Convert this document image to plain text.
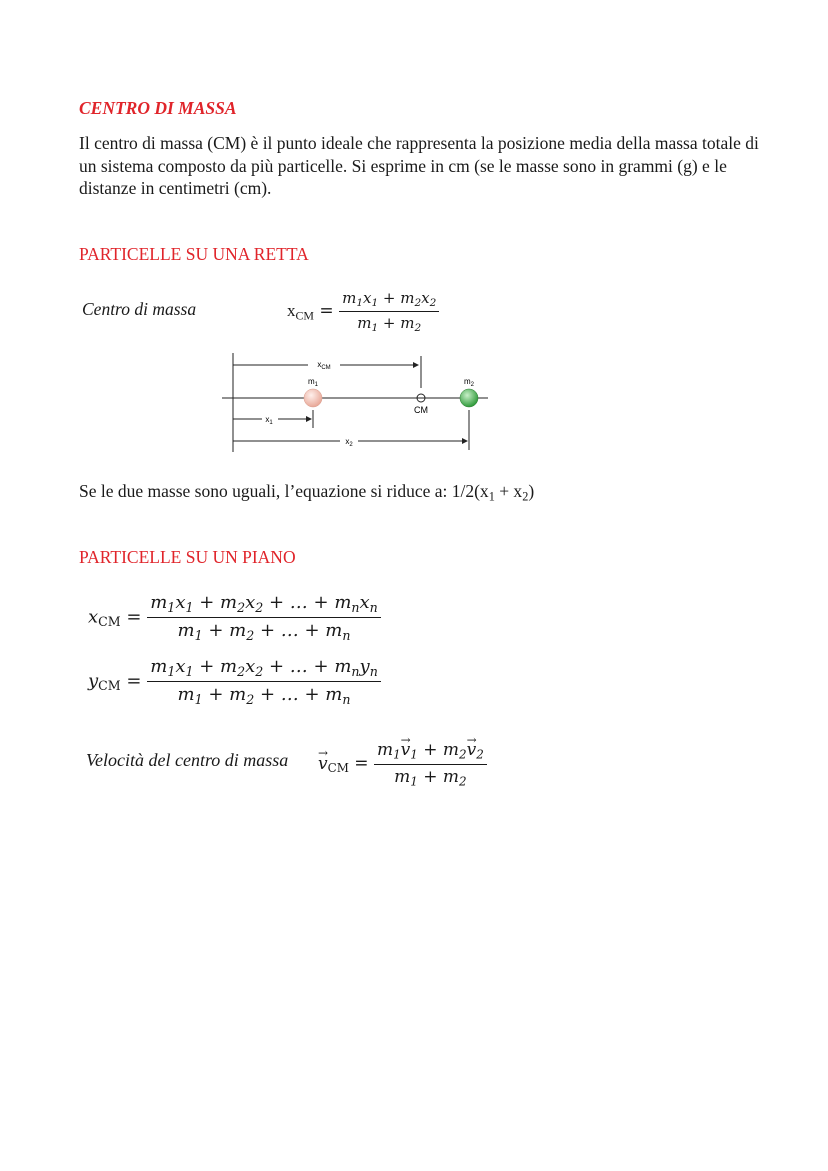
CENTRO DI MASSA
Il centro di massa (CM) è il punto ideale che rappresenta la posizione media della massa totale di un sistema composto da più particelle. Si esprime in cm (se le masse sono in grammi (g) e le distanze in centimetri (cm).
PARTICELLE SU UNA RETTA
Centro di massa	$x_{CM} = \frac{m_1x_1 + m_2x_2}{m_1 + m_2}$
$x_{CM}$
$m_1$	$m_2$
CM
$x_1$
$x_2$
Se le due masse sono uguali, l’equazione si riduce a: $1/2(x_1 + x_2)$
PARTICELLE SU UN PIANO
$x_{CM} = \frac{m_1x_1 + m_2x_2 + \dots + m_nx_n}{m_1 + m_2 + \dots + m_n}$
$y_{CM} = \frac{m_1x_1 + m_2x_2 + \dots + m_ny_n}{m_1 + m_2 + \dots + m_n}$
Velocità del centro di massa
→ $v_{CM} = \frac{m_1\to v_1 + m_2\to v_2}{m_1 + m_2}$
